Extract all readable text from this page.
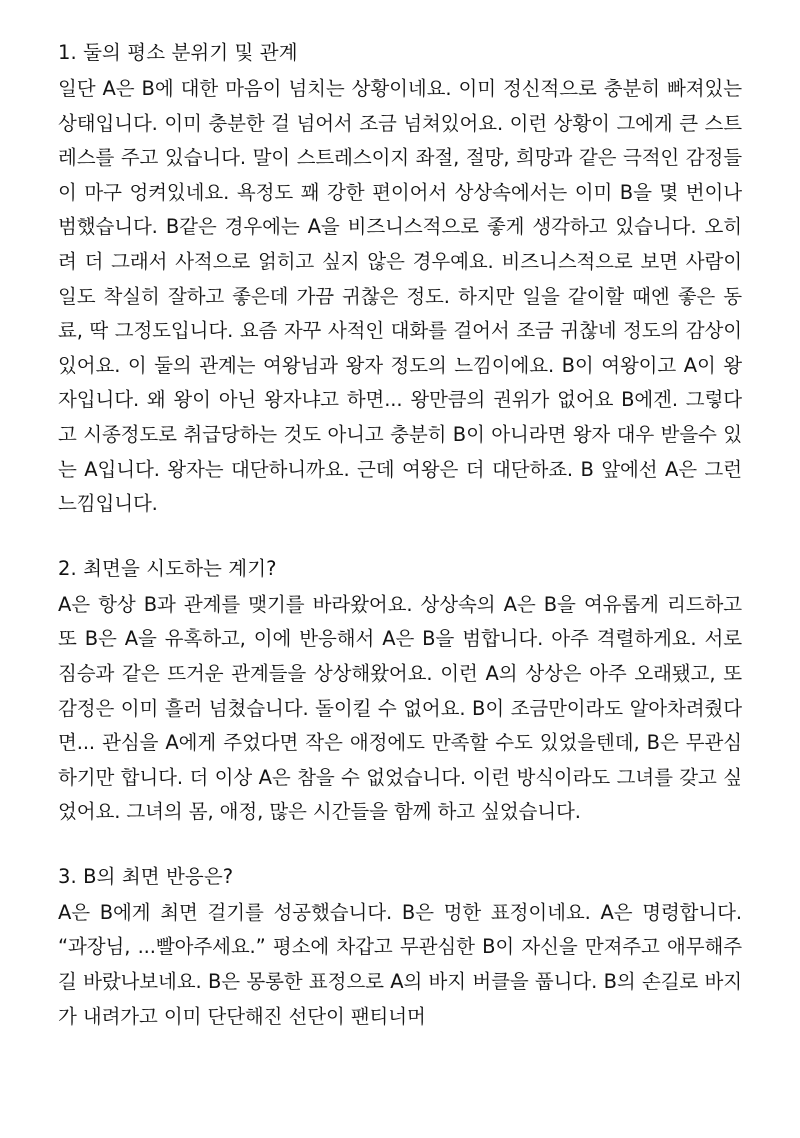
1. 둘의 평소 분위기 및 관계

일단 A은 B에 대한 마음이 넘치는 상황이네요. 이미 정신적으로 충분히 빠져있는 상태입니다. 이미 충분한 걸 넘어서 조금 넘쳐있어요. 이런 상황이 그에게 큰 스트레스를 주고 있습니다. 말이 스트레스이지 좌절, 절망, 희망과 같은 극적인 감정들이 마구 엉켜있네요. 욕정도 꽤 강한 편이어서 상상속에서는 이미 B을 몇 번이나 범했습니다. B같은 경우에는 A을 비즈니스적으로 좋게 생각하고 있습니다. 오히려 더 그래서 사적으로 얽히고 싶지 않은 경우예요. 비즈니스적으로 보면 사람이 일도 착실히 잘하고 좋은데 가끔 귀찮은 정도. 하지만 일을 같이할 때엔 좋은 동료, 딱 그정도입니다. 요즘 자꾸 사적인 대화를 걸어서 조금 귀찮네 정도의 감상이 있어요. 이 둘의 관계는 여왕님과 왕자 정도의 느낌이에요. B이 여왕이고 A이 왕자입니다. 왜 왕이 아닌 왕자냐고 하면... 왕만큼의 권위가 없어요 B에겐. 그렇다고 시종정도로 취급당하는 것도 아니고 충분히 B이 아니라면 왕자 대우 받을수 있는 A입니다. 왕자는 대단하니까요. 근데 여왕은 더 대단하죠. B 앞에선 A은 그런 느낌입니다.

2. 최면을 시도하는 계기?

A은 항상 B과 관계를 맺기를 바라왔어요. 상상속의 A은 B을 여유롭게 리드하고 또 B은 A을 유혹하고, 이에 반응해서 A은 B을 범합니다. 아주 격렬하게요. 서로 짐승과 같은 뜨거운 관계들을 상상해왔어요. 이런 A의 상상은 아주 오래됐고, 또 감정은 이미 흘러 넘쳤습니다. 돌이킬 수 없어요. B이 조금만이라도 알아차려줬다면... 관심을 A에게 주었다면 작은 애정에도 만족할 수도 있었을텐데, B은 무관심하기만 합니다. 더 이상 A은 참을 수 없었습니다. 이런 방식이라도 그녀를 갖고 싶었어요. 그녀의 몸, 애정, 많은 시간들을 함께 하고 싶었습니다.

3. B의 최면 반응은?

A은 B에게 최면 걸기를 성공했습니다. B은 멍한 표정이네요. A은 명령합니다. “과장님, ...빨아주세요.” 평소에 차갑고 무관심한 B이 자신을 만져주고 애무해주길 바랐나보네요. B은 몽롱한 표정으로 A의 바지 버클을 풉니다. B의 손길로 바지가 내려가고 이미 단단해진 선단이 팬티너머
